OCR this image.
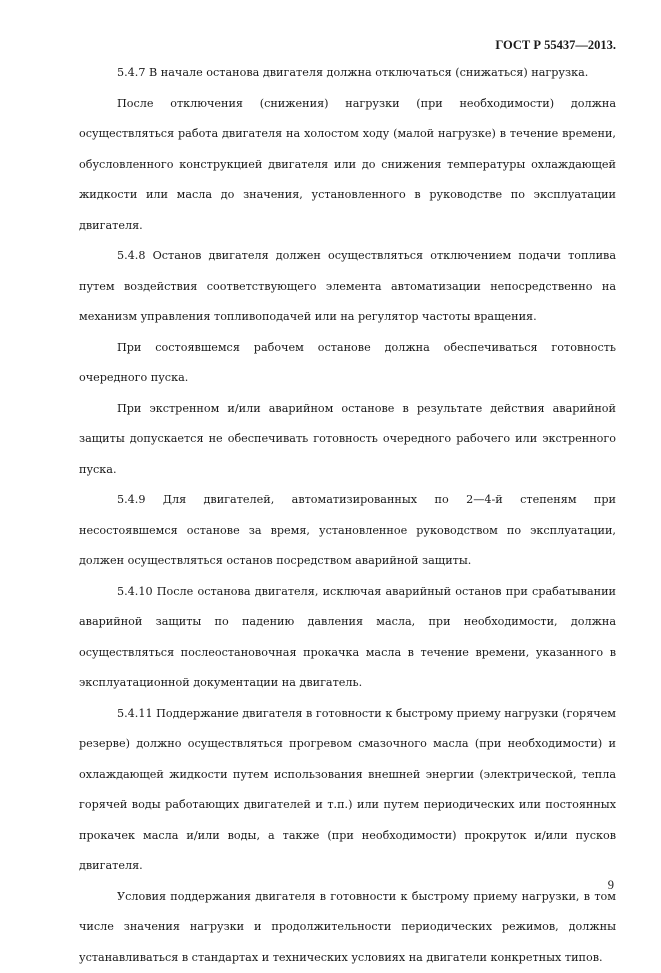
ГОСТ Р 55437—2013.

5.4.7 В начале останова двигателя должна отключаться (снижаться) нагрузка.

После отключения (снижения) нагрузки (при необходимости) должна осуществляться работа двигателя на холостом ходу (малой нагрузке) в течение времени, обусловленного конструкцией двигателя или до снижения температуры охлаждающей жидкости или масла до значения, установленного в руководстве по эксплуатации двигателя.

5.4.8 Останов двигателя должен осуществляться отключением подачи топлива путем воздействия соответствующего элемента автоматизации непосредственно на механизм управления топливоподачей или на регулятор частоты вращения.

При состоявшемся рабочем останове должна обеспечиваться готовность очередного пуска.

При экстренном и/или аварийном останове в результате действия аварийной защиты допускается не обеспечивать готовность очередного рабочего или экстренного пуска.

5.4.9 Для двигателей, автоматизированных по 2—4-й степеням при несостоявшемся останове за время, установленное руководством по эксплуатации, должен осуществляться останов посредством аварийной защиты.

5.4.10 После останова двигателя, исключая аварийный останов при срабатывании аварийной защиты по падению давления масла, при необходимости, должна осуществляться послеостановочная прокачка масла в течение времени, указанного в эксплуатационной документации на двигатель.

5.4.11 Поддержание двигателя в готовности к быстрому приему нагрузки (горячем резерве) должно осуществляться прогревом смазочного масла (при необходимости) и охлаждающей жидкости путем использования внешней энергии (электрической, тепла горячей воды работающих двигателей и т.п.) или путем периодических или постоянных прокачек масла и/или воды, а также (при необходимости) прокруток и/или пусков двигателя.

Условия поддержания двигателя в готовности к быстрому приему нагрузки, в том числе значения нагрузки и продолжительности периодических режимов, должны устанавливаться в стандартах и технических условиях на двигатели конкретных типов.

9
